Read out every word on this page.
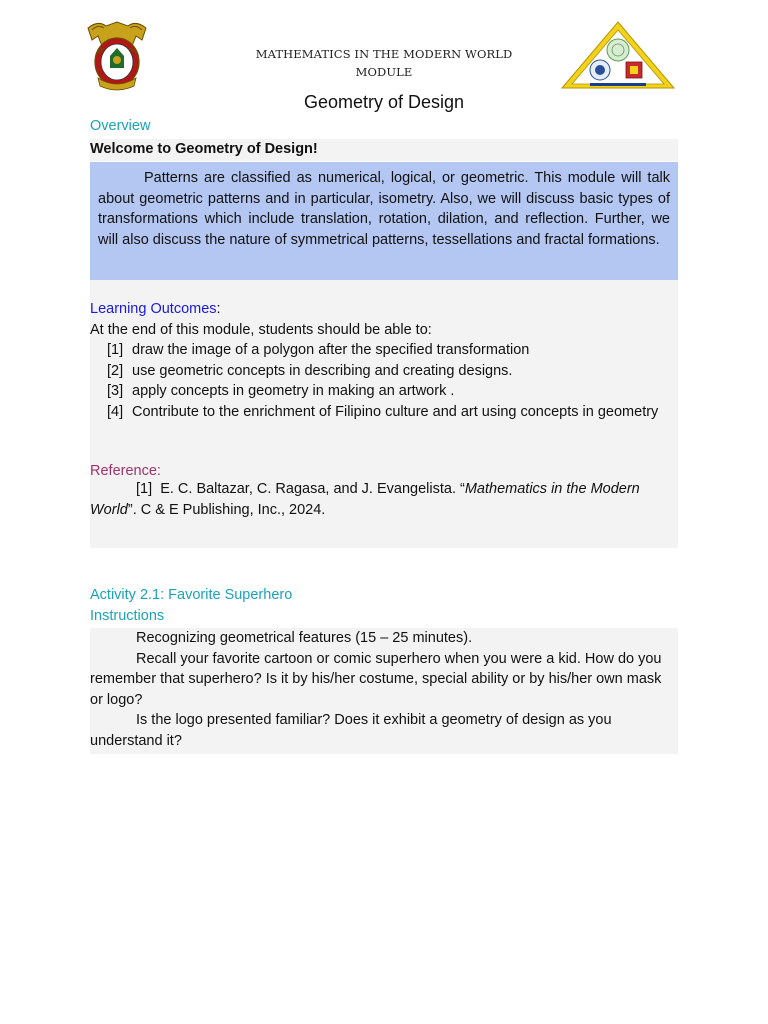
MATHEMATICS IN THE MODERN WORLD
MODULE
Geometry of Design
Overview
Welcome to Geometry of Design!
Patterns are classified as numerical, logical, or geometric. This module will talk about geometric patterns and in particular, isometry. Also, we will discuss basic types of transformations which include translation, rotation, dilation, and reflection. Further, we will also discuss the nature of symmetrical patterns, tessellations and fractal formations.
Learning Outcomes:
At the end of this module, students should be able to:
[1] draw the image of a polygon after the specified transformation
[2] use geometric concepts in describing and creating designs.
[3] apply concepts in geometry in making an artwork .
[4] Contribute to the enrichment of Filipino culture and art using concepts in geometry
Reference:
[1] E. C. Baltazar, C. Ragasa, and J. Evangelista. “Mathematics in the Modern World”. C & E Publishing, Inc., 2024.
Activity 2.1: Favorite Superhero
Instructions
Recognizing geometrical features (15 – 25 minutes).
Recall your favorite cartoon or comic superhero when you were a kid. How do you remember that superhero? Is it by his/her costume, special ability or by his/her own mask or logo?
Is the logo presented familiar? Does it exhibit a geometry of design as you understand it?
